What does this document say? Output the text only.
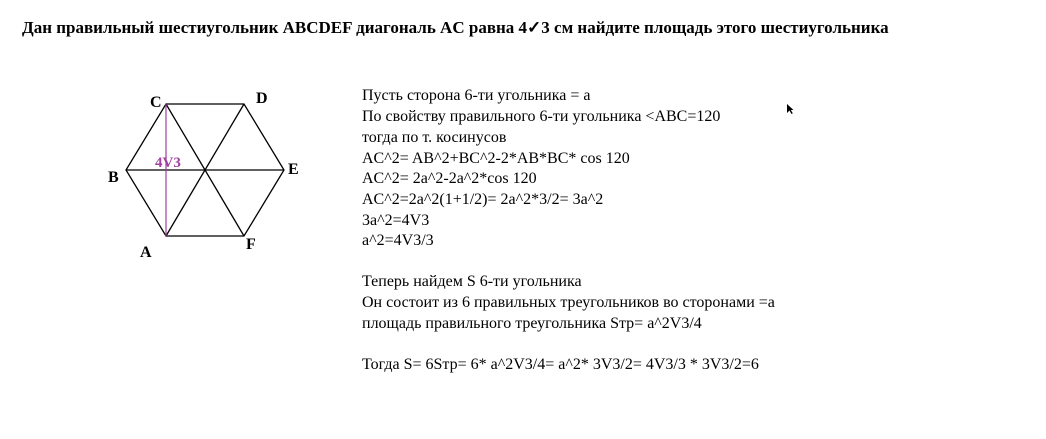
Дан правильный шестиугольник ABCDEF диагональ AC равна 4✓3 см найдите площадь этого шестиугольника
C	D
B	E
A	F
4V3
Пусть сторона 6-ти угольника = a
По свойству правильного 6-ти угольника <ABC=120
тогда по т. косинусов
AC^2= AB^2+BC^2-2*AB*BC* cos 120
AC^2= 2a^2-2a^2*cos 120
AC^2=2a^2(1+1/2)= 2a^2*3/2= 3a^2
3a^2=4V3
a^2=4V3/3
Теперь найдем S 6-ти угольника
Он состоит из 6 правильных треугольников во сторонами =a
площадь правильного треугольника Sтр= a^2V3/4
Тогда S= 6Sтр= 6* a^2V3/4= a^2* 3V3/2= 4V3/3 * 3V3/2=6
